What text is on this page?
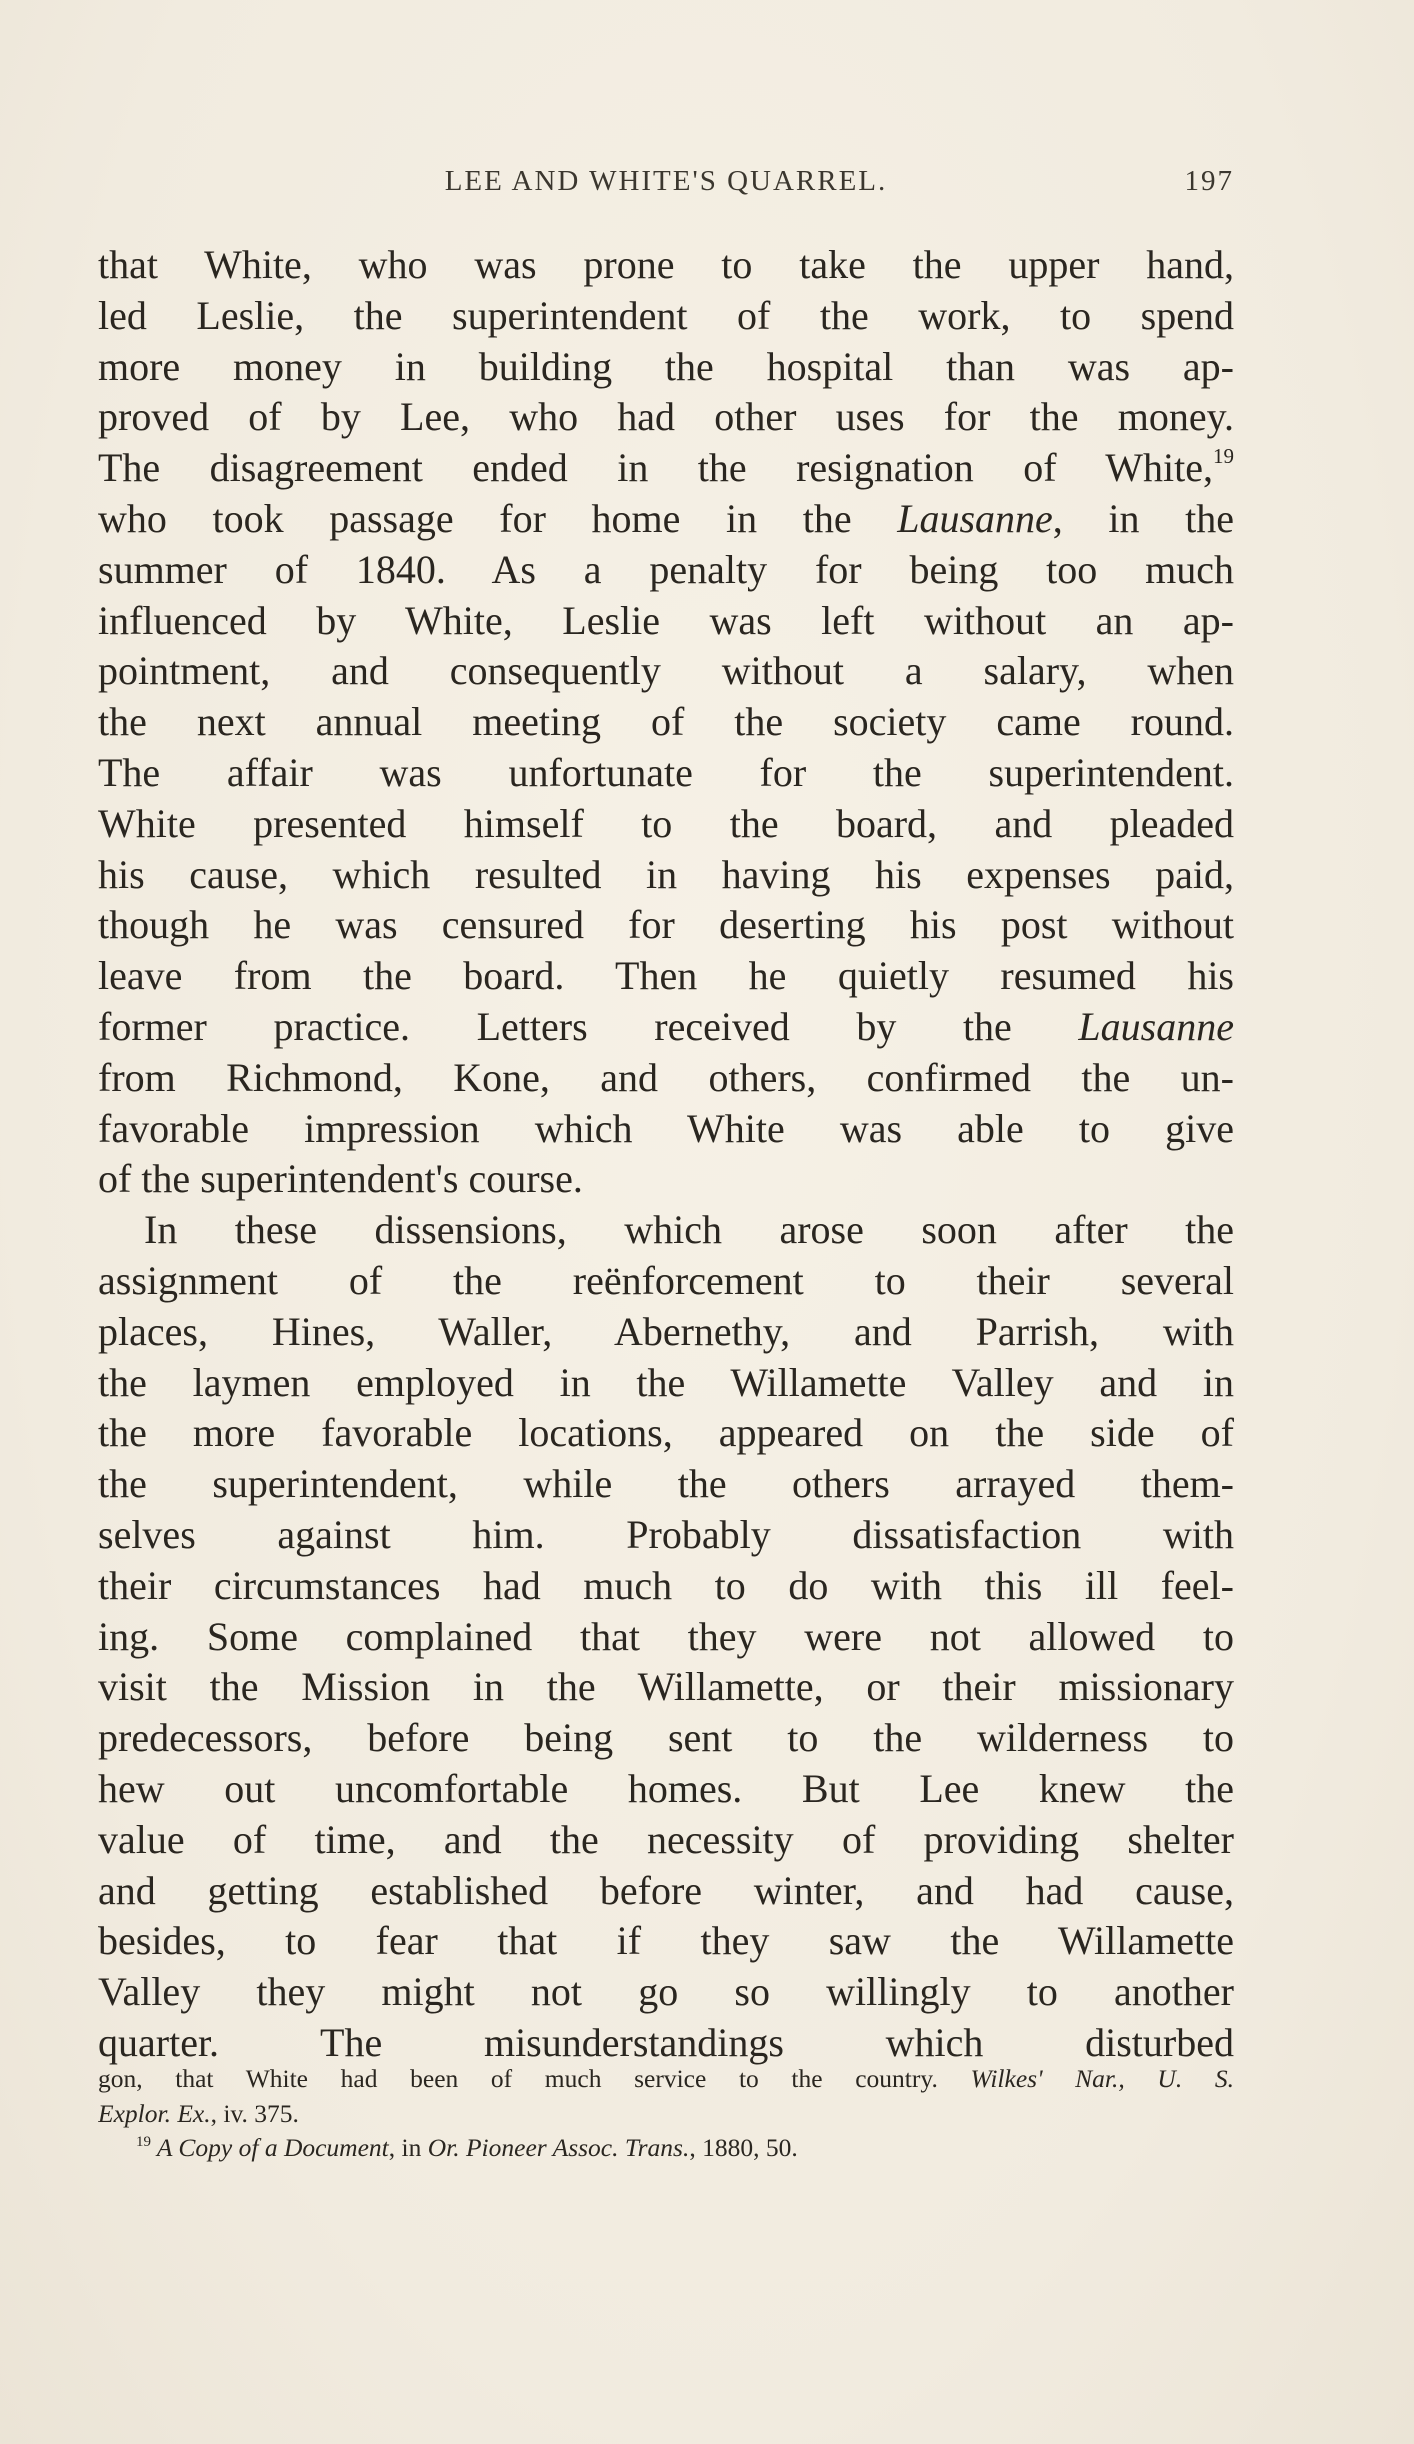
LEE AND WHITE'S QUARREL.	197
that White, who was prone to take the upper hand,
led Leslie, the superintendent of the work, to spend
more money in building the hospital than was ap-
proved of by Lee, who had other uses for the money.
The disagreement ended in the resignation of White,$^{19}$
who took passage for home in the Lausanne, in the
summer of 1840. As a penalty for being too much
influenced by White, Leslie was left without an ap-
pointment, and consequently without a salary, when
the next annual meeting of the society came round.
The affair was unfortunate for the superintendent.
White presented himself to the board, and pleaded
his cause, which resulted in having his expenses paid,
though he was censured for deserting his post without
leave from the board. Then he quietly resumed his
former practice. Letters received by the Lausanne
from Richmond, Kone, and others, confirmed the un-
favorable impression which White was able to give
of the superintendent's course.
In these dissensions, which arose soon after the
assignment of the reënforcement to their several
places, Hines, Waller, Abernethy, and Parrish, with
the laymen employed in the Willamette Valley and in
the more favorable locations, appeared on the side of
the superintendent, while the others arrayed them-
selves against him. Probably dissatisfaction with
their circumstances had much to do with this ill feel-
ing. Some complained that they were not allowed to
visit the Mission in the Willamette, or their missionary
predecessors, before being sent to the wilderness to
hew out uncomfortable homes. But Lee knew the
value of time, and the necessity of providing shelter
and getting established before winter, and had cause,
besides, to fear that if they saw the Willamette
Valley they might not go so willingly to another
quarter. The misunderstandings which disturbed
gon, that White had been of much service to the country. Wilkes' Nar., U. S.
Explor. Ex., iv. 375.
$^{19}$ A Copy of a Document, in Or. Pioneer Assoc. Trans., 1880, 50.
